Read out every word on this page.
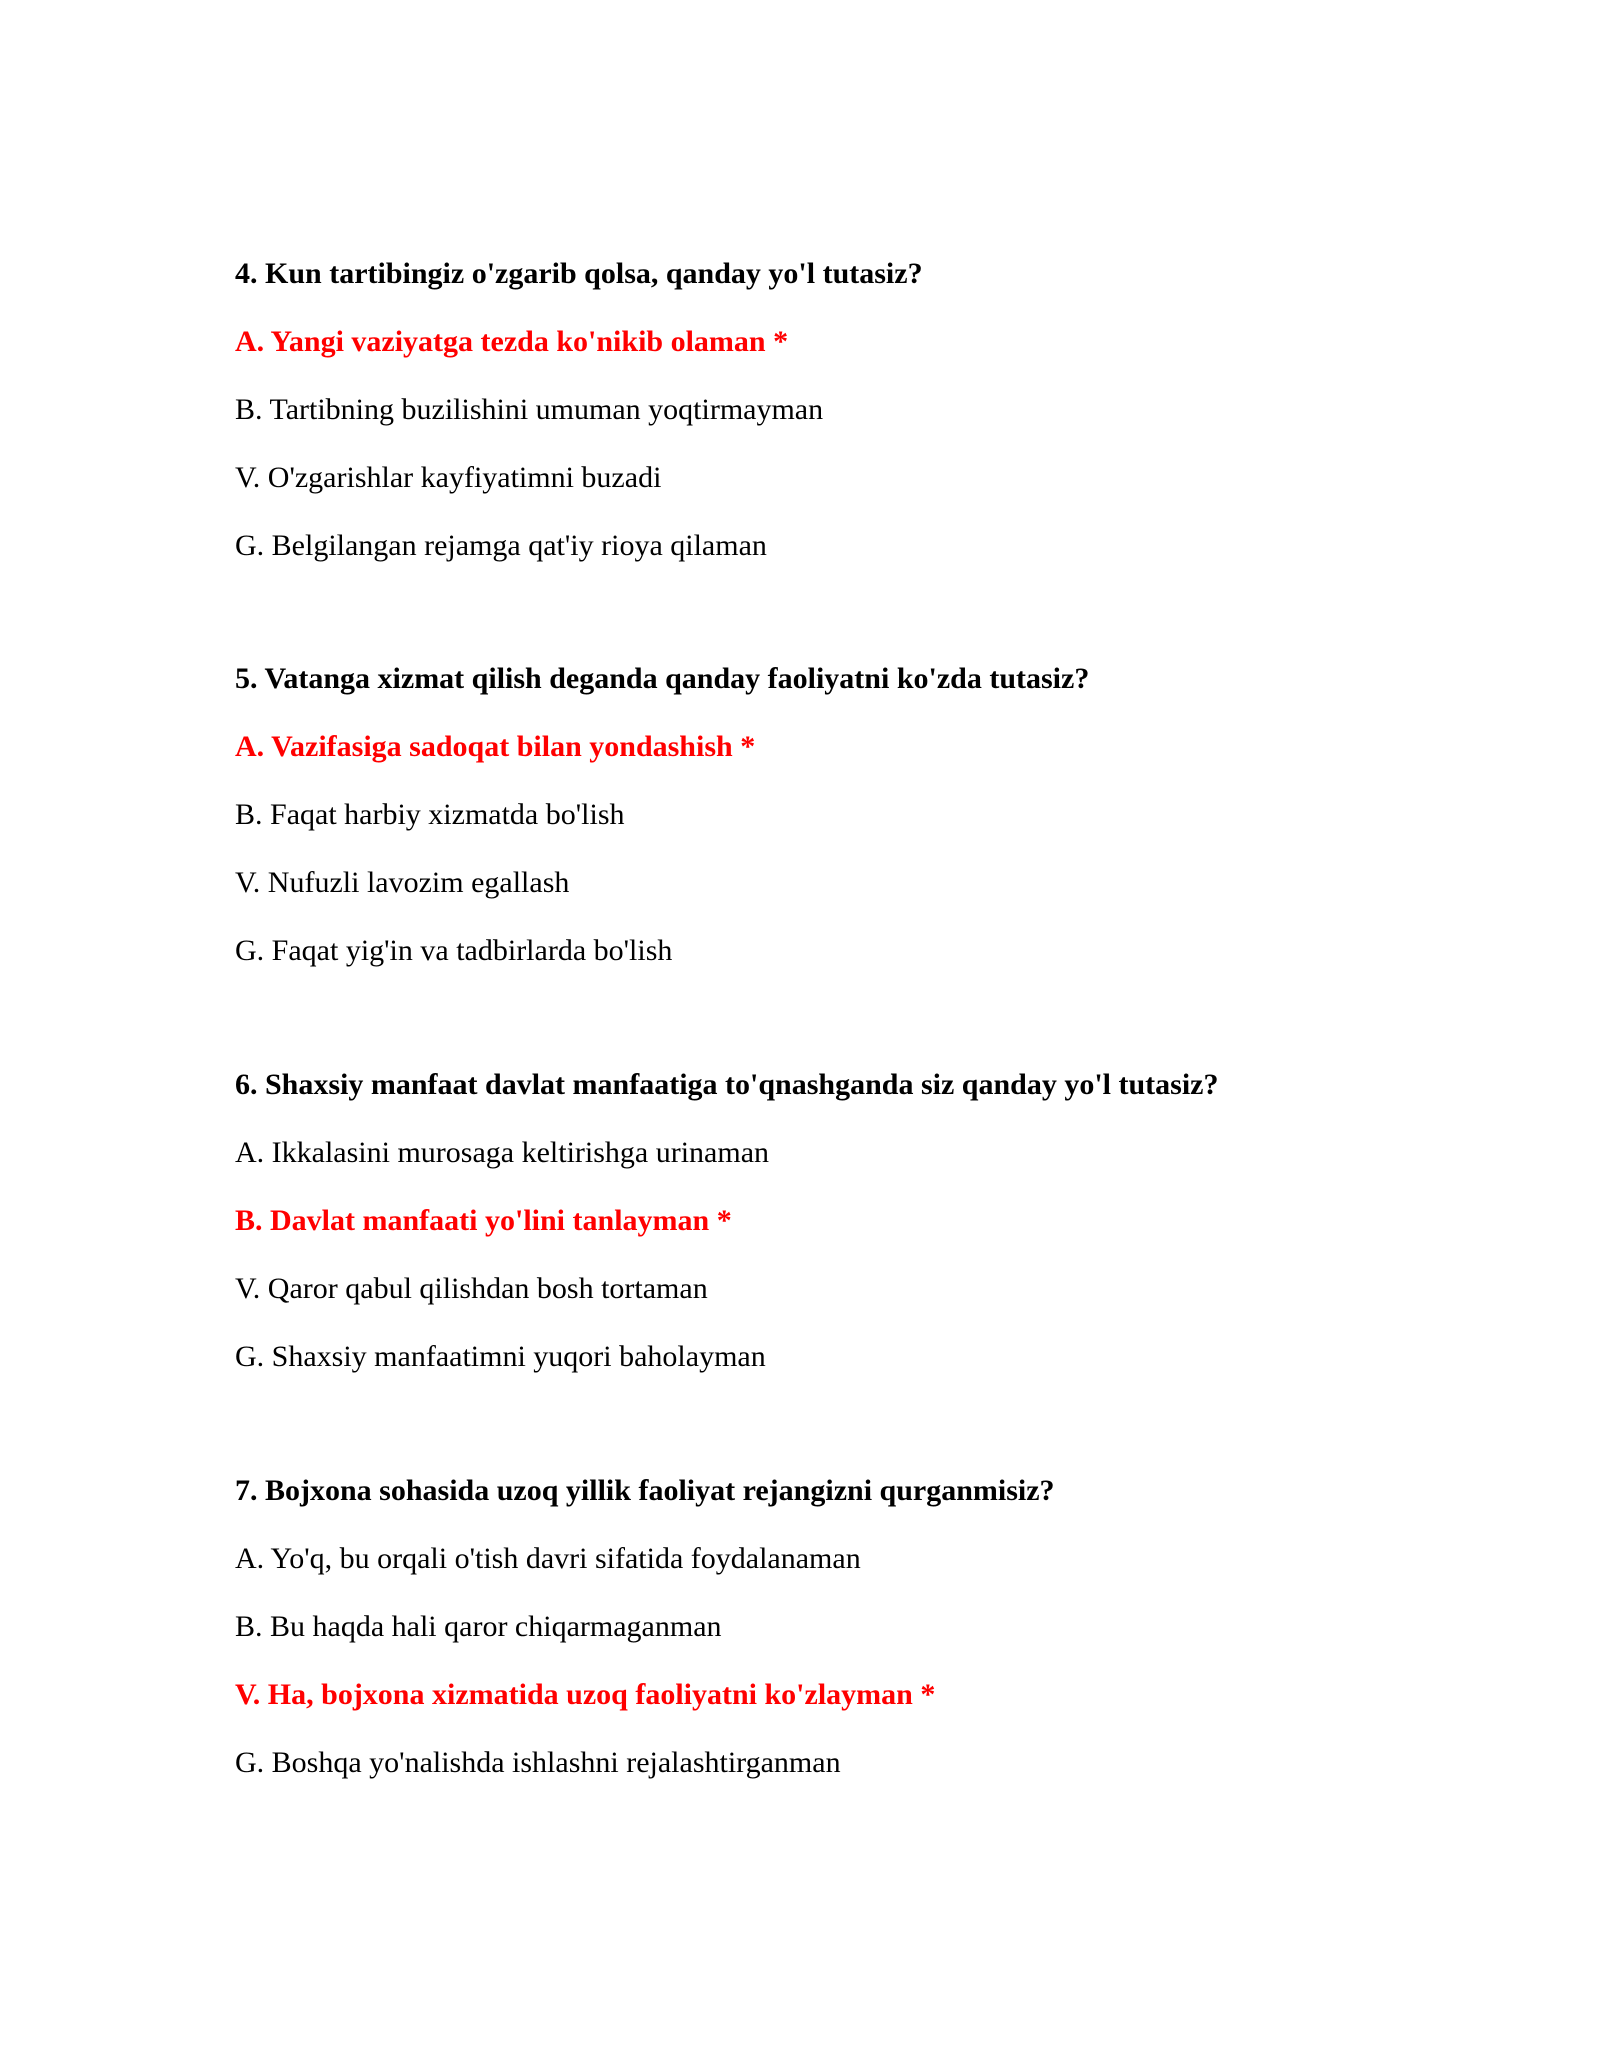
4. Kun tartibingiz o'zgarib qolsa, qanday yo'l tutasiz?

A. Yangi vaziyatga tezda ko'nikib olaman *

B. Tartibning buzilishini umuman yoqtirmayman

V. O'zgarishlar kayfiyatimni buzadi

G. Belgilangan rejamga qat'iy rioya qilaman

5. Vatanga xizmat qilish deganda qanday faoliyatni ko'zda tutasiz?

A. Vazifasiga sadoqat bilan yondashish *

B. Faqat harbiy xizmatda bo'lish

V. Nufuzli lavozim egallash

G. Faqat yig'in va tadbirlarda bo'lish

6. Shaxsiy manfaat davlat manfaatiga to'qnashganda siz qanday yo'l tutasiz?

A. Ikkalasini murosaga keltirishga urinaman

B. Davlat manfaati yo'lini tanlayman *

V. Qaror qabul qilishdan bosh tortaman

G. Shaxsiy manfaatimni yuqori baholayman

7. Bojxona sohasida uzoq yillik faoliyat rejangizni qurganmisiz?

A. Yo'q, bu orqali o'tish davri sifatida foydalanaman

B. Bu haqda hali qaror chiqarmaganman

V. Ha, bojxona xizmatida uzoq faoliyatni ko'zlayman *

G. Boshqa yo'nalishda ishlashni rejalashtirganman
